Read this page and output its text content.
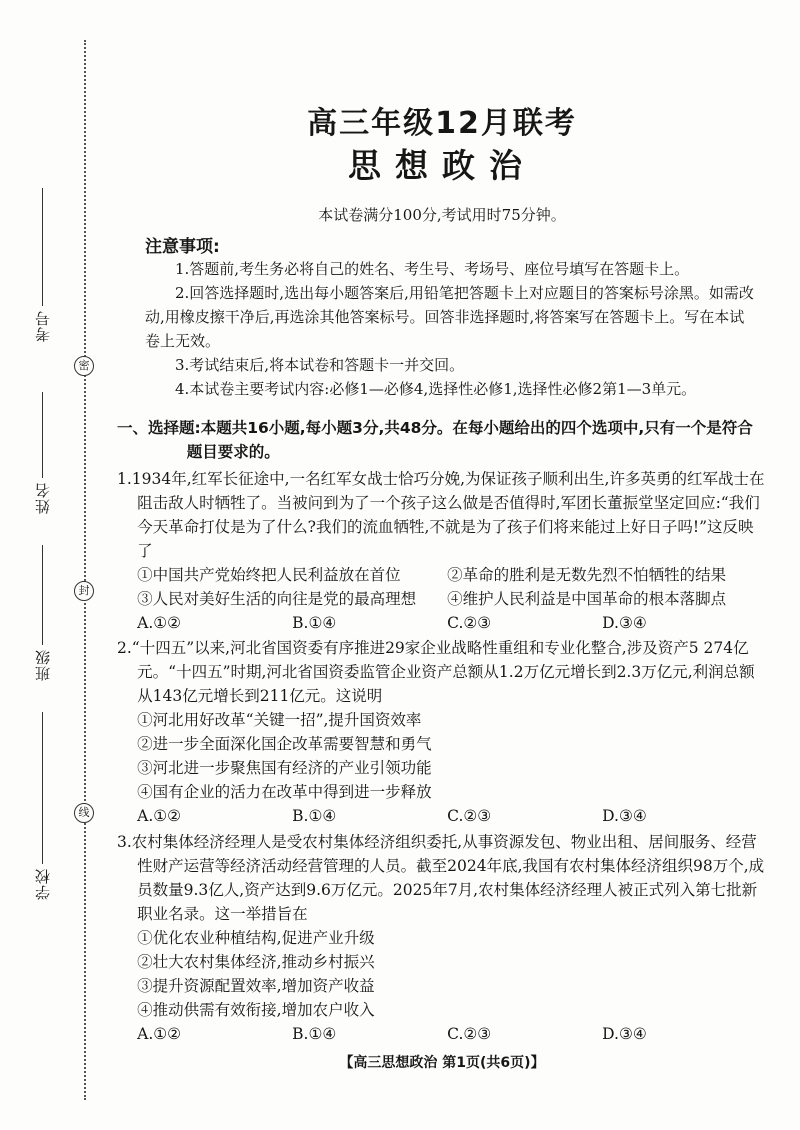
考号
姓名
班级
学校
密
封
线
高三年级12月联考
思想政治
本试卷满分100分,考试用时75分钟。
注意事项:

1.答题前,考生务必将自己的姓名、考生号、考场号、座位号填写在答题卡上。

2.回答选择题时,选出每小题答案后,用铅笔把答题卡上对应题目的答案标号涂黑。如需改动,用橡皮擦干净后,再选涂其他答案标号。回答非选择题时,将答案写在答题卡上。写在本试卷上无效。

3.考试结束后,将本试卷和答题卡一并交回。

4.本试卷主要考试内容:必修1—必修4,选择性必修1,选择性必修2第1—3单元。

一、选择题:本题共16小题,每小题3分,共48分。在每小题给出的四个选项中,只有一个是符合题目要求的。

1.1934年,红军长征途中,一名红军女战士恰巧分娩,为保证孩子顺利出生,许多英勇的红军战士在阻击敌人时牺牲了。当被问到为了一个孩子这么做是否值得时,军团长董振堂坚定回应:“我们今天革命打仗是为了什么?我们的流血牺牲,不就是为了孩子们将来能过上好日子吗!”这反映了

①中国共产党始终把人民利益放在首位	②革命的胜利是无数先烈不怕牺牲的结果
③人民对美好生活的向往是党的最高理想	④维护人民利益是中国革命的根本落脚点
A.①②	B.①④	C.②③	D.③④

2.“十四五”以来,河北省国资委有序推进29家企业战略性重组和专业化整合,涉及资产5 274亿元。“十四五”时期,河北省国资委监管企业资产总额从1.2万亿元增长到2.3万亿元,利润总额从143亿元增长到211亿元。这说明

①河北用好改革“关键一招”,提升国资效率

②进一步全面深化国企改革需要智慧和勇气

③河北进一步聚焦国有经济的产业引领功能

④国有企业的活力在改革中得到进一步释放
A.①②	B.①④	C.②③	D.③④

3.农村集体经济经理人是受农村集体经济组织委托,从事资源发包、物业出租、居间服务、经营性财产运营等经济活动经营管理的人员。截至2024年底,我国有农村集体经济组织98万个,成员数量9.3亿人,资产达到9.6万亿元。2025年7月,农村集体经济经理人被正式列入第七批新职业名录。这一举措旨在

①优化农业种植结构,促进产业升级

②壮大农村集体经济,推动乡村振兴

③提升资源配置效率,增加资产收益

④推动供需有效衔接,增加农户收入

A.①②	B.①④	C.②③	D.③④
【高三思想政治 第1页(共6页)】
